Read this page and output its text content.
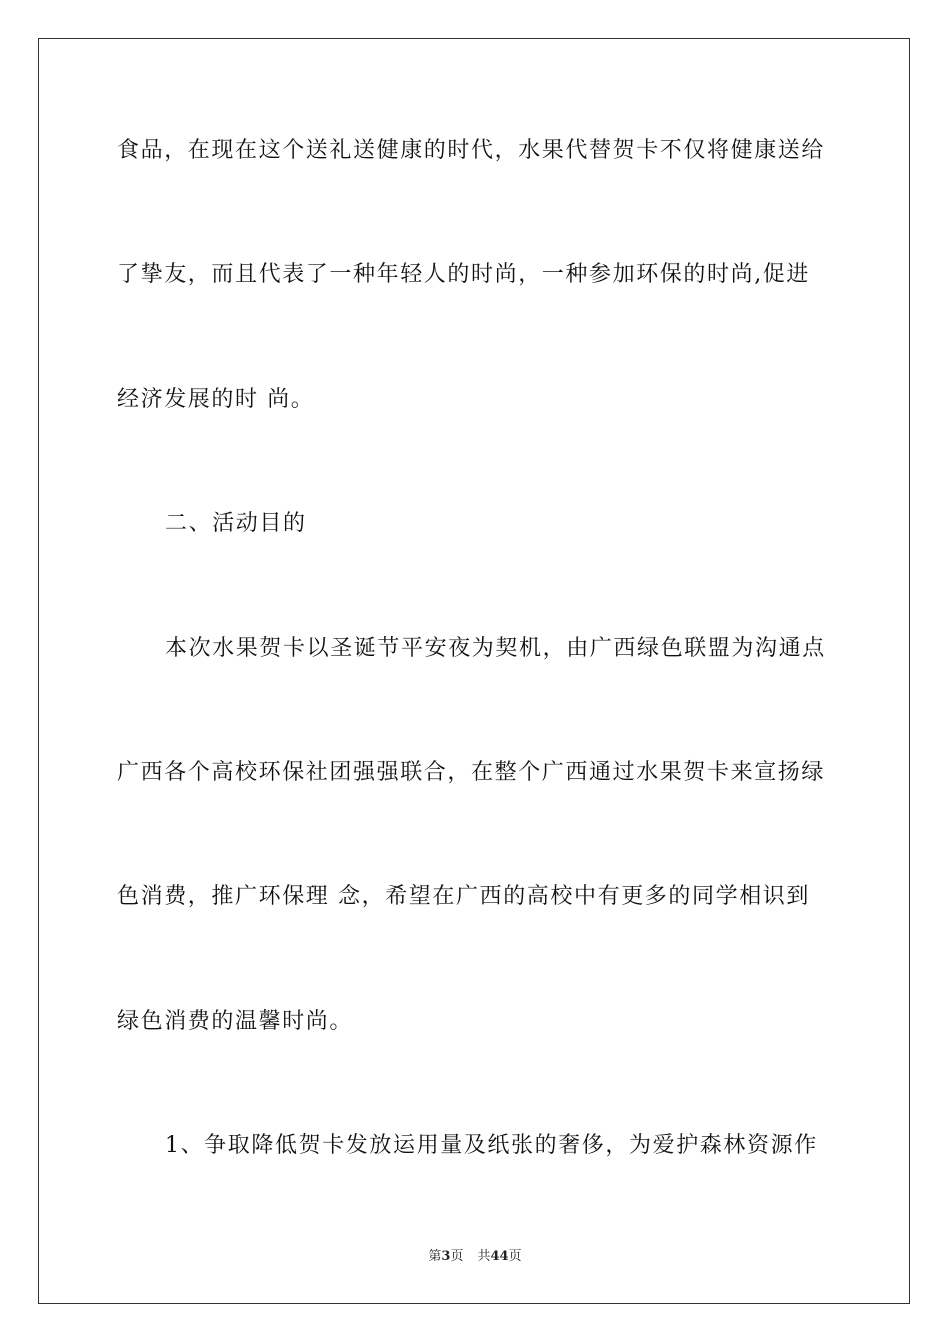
食品，在现在这个送礼送健康的时代，水果代替贺卡不仅将健康送给
了挚友，而且代表了一种年轻人的时尚，一种参加环保的时尚,促进
经济发展的时 尚。
二、活动目的
本次水果贺卡以圣诞节平安夜为契机，由广西绿色联盟为沟通点
广西各个高校环保社团强强联合，在整个广西通过水果贺卡来宣扬绿
色消费，推广环保理 念，希望在广西的高校中有更多的同学相识到
绿色消费的温馨时尚。
1、争取降低贺卡发放运用量及纸张的奢侈，为爱护森林资源作
第3页 共44页
